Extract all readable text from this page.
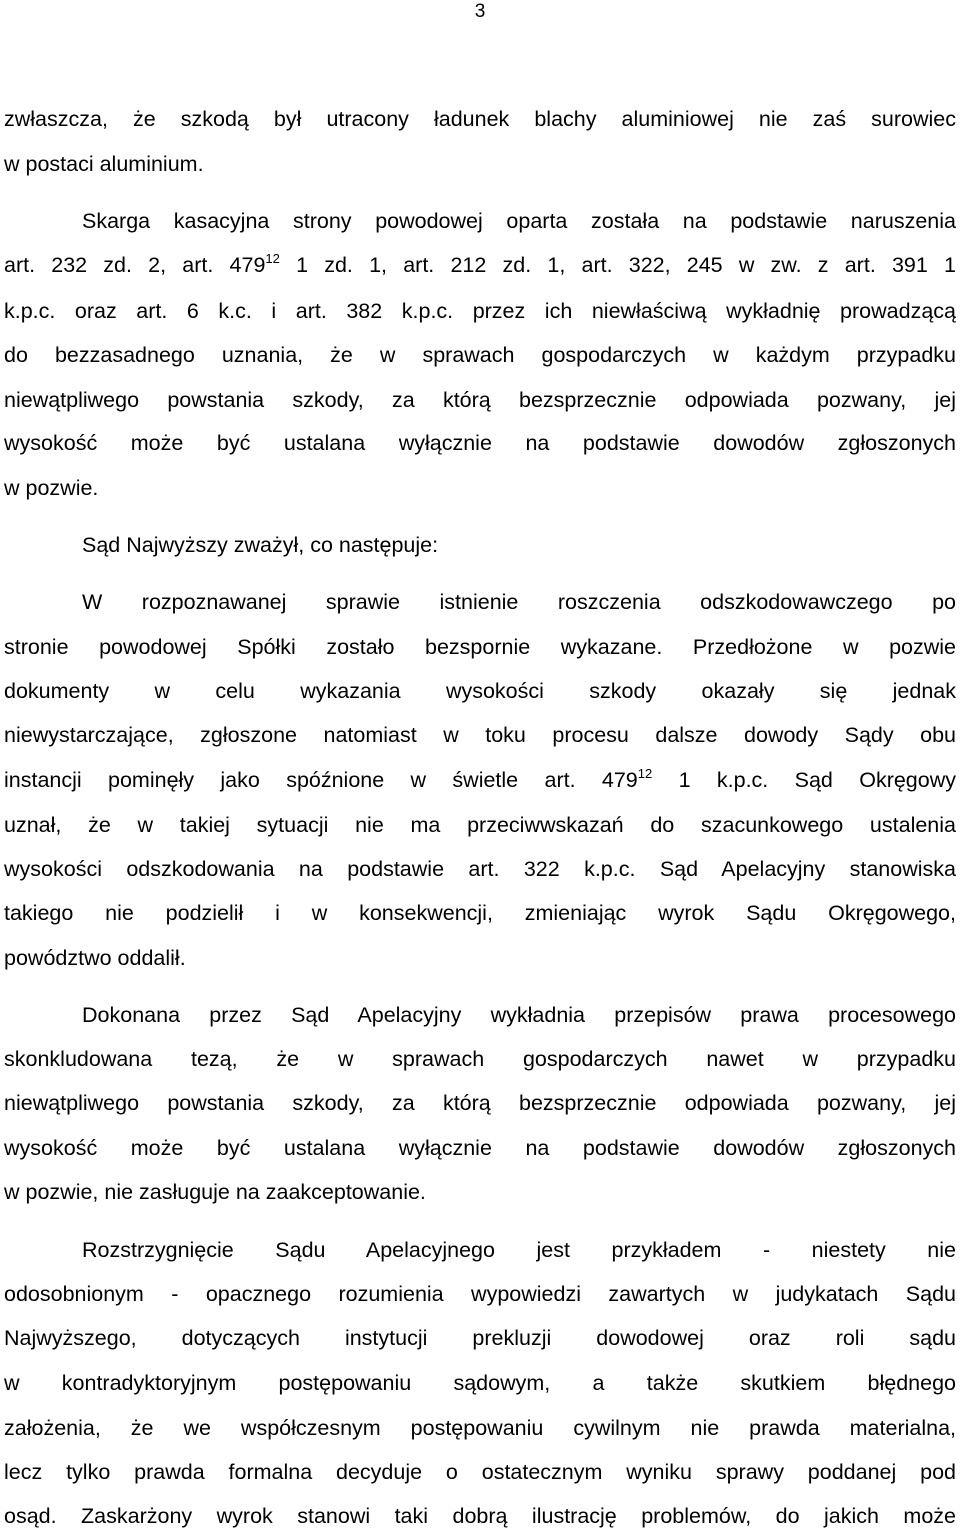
3
zwłaszcza, że szkodą był utracony ładunek blachy aluminiowej nie zaś surowiec
w postaci aluminium.
Skarga kasacyjna strony powodowej oparta została na podstawie naruszenia
art. 232 zd. 2, art. $479^{12}$ 1 zd. 1, art. 212 zd. 1, art. 322, 245 w zw. z art. 391 1
k.p.c. oraz art. 6 k.c. i art. 382 k.p.c. przez ich niewłaściwą wykładnię prowadzącą
do bezzasadnego uznania, że w sprawach gospodarczych w każdym przypadku
niewątpliwego powstania szkody, za którą bezsprzecznie odpowiada pozwany, jej
wysokość może być ustalana wyłącznie na podstawie dowodów zgłoszonych
w pozwie.
Sąd Najwyższy zważył, co następuje:
W rozpoznawanej sprawie istnienie roszczenia odszkodowawczego po
stronie powodowej Spółki zostało bezspornie wykazane. Przedłożone w pozwie
dokumenty w celu wykazania wysokości szkody okazały się jednak
niewystarczające, zgłoszone natomiast w toku procesu dalsze dowody Sądy obu
instancji pominęły jako spóźnione w świetle art. $479^{12}$ 1 k.p.c. Sąd Okręgowy
uznał, że w takiej sytuacji nie ma przeciwwskazań do szacunkowego ustalenia
wysokości odszkodowania na podstawie art. 322 k.p.c. Sąd Apelacyjny stanowiska
takiego nie podzielił i w konsekwencji, zmieniając wyrok Sądu Okręgowego,
powództwo oddalił.
Dokonana przez Sąd Apelacyjny wykładnia przepisów prawa procesowego
skonkludowana tezą, że w sprawach gospodarczych nawet w przypadku
niewątpliwego powstania szkody, za którą bezsprzecznie odpowiada pozwany, jej
wysokość może być ustalana wyłącznie na podstawie dowodów zgłoszonych
w pozwie, nie zasługuje na zaakceptowanie.
Rozstrzygnięcie Sądu Apelacyjnego jest przykładem - niestety nie
odosobnionym - opacznego rozumienia wypowiedzi zawartych w judykatach Sądu
Najwyższego, dotyczących instytucji prekluzji dowodowej oraz roli sądu
w kontradyktoryjnym postępowaniu sądowym, a także skutkiem błędnego
założenia, że we współczesnym postępowaniu cywilnym nie prawda materialna,
lecz tylko prawda formalna decyduje o ostatecznym wyniku sprawy poddanej pod
osąd. Zaskarżony wyrok stanowi taki dobrą ilustrację problemów, do jakich może
